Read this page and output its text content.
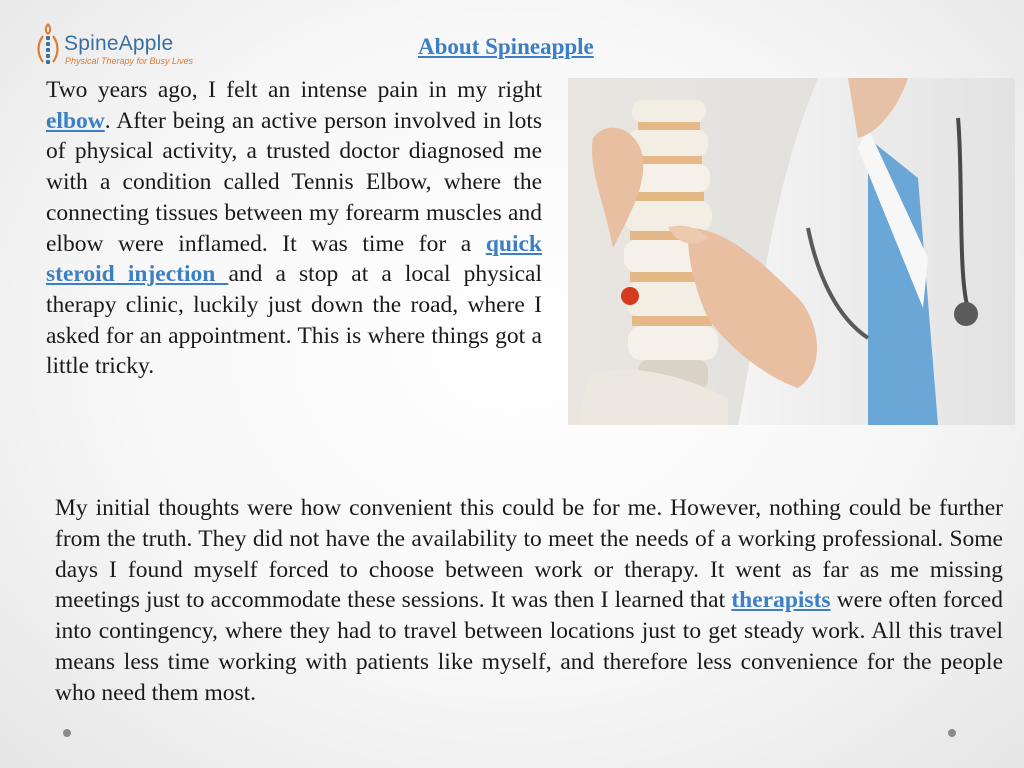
SpineApple
Physical Therapy for Busy Lives
About Spineapple

Two years ago, I felt an intense pain in my right elbow. After being an active person involved in lots of physical activity, a trusted doctor diagnosed me with a condition called Tennis Elbow, where the connecting tissues between my forearm muscles and elbow were inflamed. It was time for a quick steroid injection and a stop at a local physical therapy clinic, luckily just down the road, where I asked for an appointment. This is where things got a little tricky.

My initial thoughts were how convenient this could be for me. However, nothing could be further from the truth. They did not have the availability to meet the needs of a working professional. Some days I found myself forced to choose between work or therapy. It went as far as me missing meetings just to accommodate these sessions. It was then I learned that therapists were often forced into contingency, where they had to travel between locations just to get steady work. All this travel means less time working with patients like myself, and therefore less convenience for the people who need them most.
